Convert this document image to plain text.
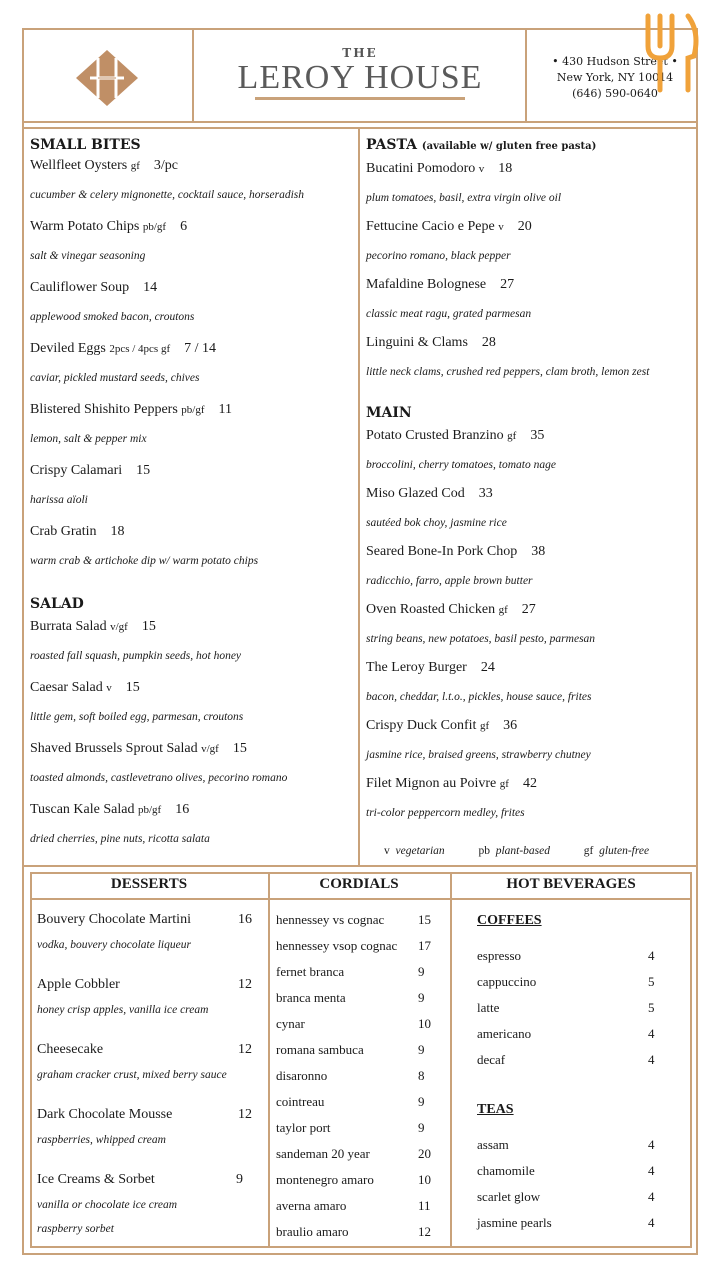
THE
LEROY HOUSE	• 430 Hudson Street •
New York, NY 10014
(646) 590-0640
SMALL BITES
Wellfleet Oysters gf 3/pc
cucumber & celery mignonette, cocktail sauce, horseradish
Warm Potato Chips pb/gf 6
salt & vinegar seasoning
Cauliflower Soup 14
applewood smoked bacon, croutons
Deviled Eggs 2pcs / 4pcs gf 7 / 14
caviar, pickled mustard seeds, chives
Blistered Shishito Peppers pb/gf 11
lemon, salt & pepper mix
Crispy Calamari 15
harissa aïoli
Crab Gratin 18
warm crab & artichoke dip w/ warm potato chips
SALAD
Burrata Salad v/gf 15
roasted fall squash, pumpkin seeds, hot honey
Caesar Salad v 15
little gem, soft boiled egg, parmesan, croutons
Shaved Brussels Sprout Salad v/gf 15
toasted almonds, castlevetrano olives, pecorino romano
Tuscan Kale Salad pb/gf 16
dried cherries, pine nuts, ricotta salata
PASTA (available w/ gluten free pasta)
Bucatini Pomodoro v 18
plum tomatoes, basil, extra virgin olive oil
Fettucine Cacio e Pepe v 20
pecorino romano, black pepper
Mafaldine Bolognese 27
classic meat ragu, grated parmesan
Linguini & Clams 28
little neck clams, crushed red peppers, clam broth, lemon zest
MAIN
Potato Crusted Branzino gf 35
broccolini, cherry tomatoes, tomato nage
Miso Glazed Cod 33
sautéed bok choy, jasmine rice
Seared Bone-In Pork Chop 38
radicchio, farro, apple brown butter
Oven Roasted Chicken gf 27
string beans, new potatoes, basil pesto, parmesan
The Leroy Burger 24
bacon, cheddar, l.t.o., pickles, house sauce, frites
Crispy Duck Confit gf 36
jasmine rice, braised greens, strawberry chutney
Filet Mignon au Poivre gf 42
tri-color peppercorn medley, frites
v vegetarian	pb plant-based	gf gluten-free
DESSERTS	CORDIALS	HOT BEVERAGES
Bouvery Chocolate Martini	16
vodka, bouvery chocolate liqueur
Apple Cobbler	12
honey crisp apples, vanilla ice cream
Cheesecake	12
graham cracker crust, mixed berry sauce
Dark Chocolate Mousse	12
raspberries, whipped cream
Ice Creams & Sorbet	9
vanilla or chocolate ice cream
raspberry sorbet
hennessey vs cognac	15
hennessey vsop cognac 17
fernet branca	9
branca menta	9
cynar	10
romana sambuca	9
disaronno	8
cointreau	9
taylor port	9
sandeman 20 year	20
montenegro amaro	10
averna amaro	11
braulio amaro	12
COFFEES
espresso	4
cappuccino	5
latte	5
americano	4
decaf	4
TEAS
assam	4
chamomile	4
scarlet glow	4
jasmine pearls	4
